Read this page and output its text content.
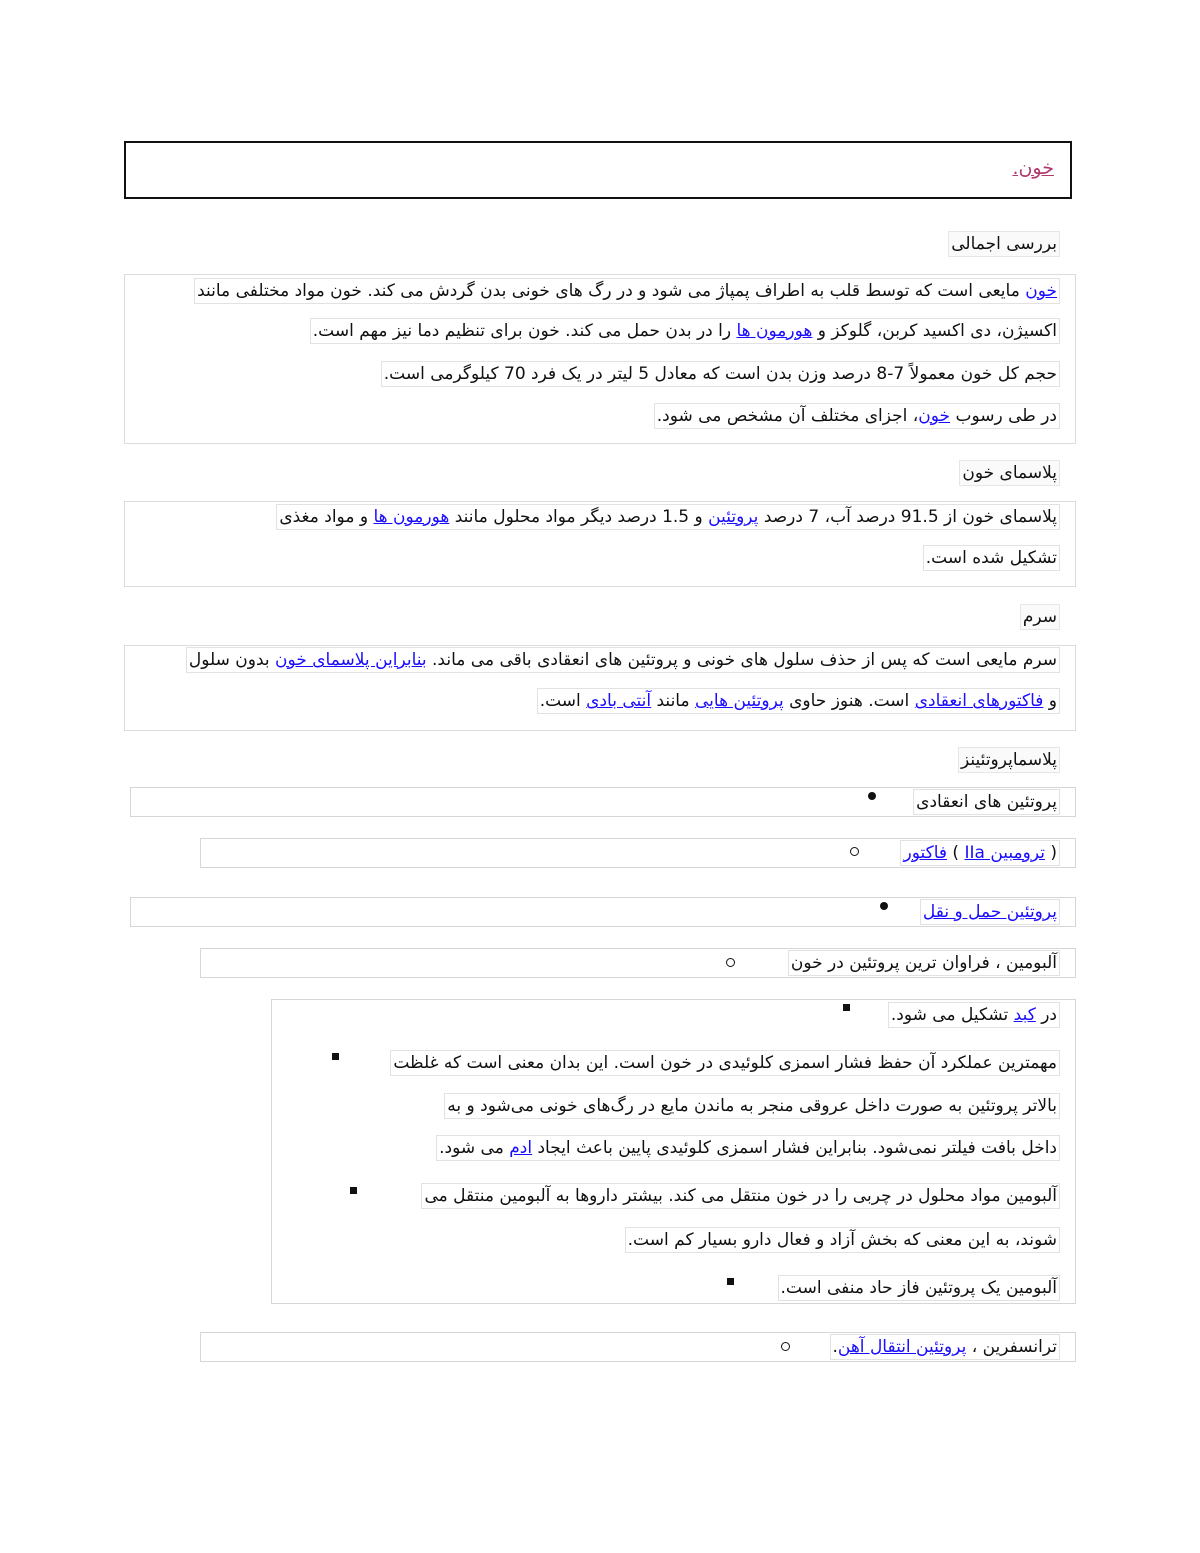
خون.
بررسی اجمالی
خون مایعی است که توسط قلب به اطراف پمپاژ می شود و در رگ های خونی بدن گردش می کند. خون مواد مختلفی مانند
اکسیژن، دی اکسید کربن، گلوکز و هورمون ها را در بدن حمل می کند. خون برای تنظیم دما نیز مهم است.
حجم کل خون معمولاً 7-8 درصد وزن بدن است که معادل 5 لیتر در یک فرد 70 کیلوگرمی است.
در طی رسوب خون، اجزای مختلف آن مشخص می شود.
پلاسمای خون
پلاسمای خون از 91.5 درصد آب، 7 درصد پروتئین و 1.5 درصد دیگر مواد محلول مانند هورمون ها و مواد مغذی
تشکیل شده است.
سرم
سرم مایعی است که پس از حذف سلول های خونی و پروتئین های انعقادی باقی می ماند. بنابراین پلاسمای خون بدون سلول
و فاکتورهای انعقادی است. هنوز حاوی پروتئین هایی مانند آنتی بادی است.
پلاسماپروتئینز
پروتئین های انعقادی
( ترومبین IIa ) فاکتور
پروتئین حمل و نقل
آلبومین ، فراوان ترین پروتئین در خون
در کبد تشکیل می شود.
مهمترین عملکرد آن حفظ فشار اسمزی کلوئیدی در خون است. این بدان معنی است که غلظت
بالاتر پروتئین به صورت داخل عروقی منجر به ماندن مایع در رگ‌های خونی می‌شود و به
داخل بافت فیلتر نمی‌شود. بنابراین فشار اسمزی کلوئیدی پایین باعث ایجاد ادم می شود.
آلبومین مواد محلول در چربی را در خون منتقل می کند. بیشتر داروها به آلبومین منتقل می
شوند، به این معنی که بخش آزاد و فعال دارو بسیار کم است.
آلبومین یک پروتئین فاز حاد منفی است.
ترانسفرین ، پروتئین انتقال آهن.
